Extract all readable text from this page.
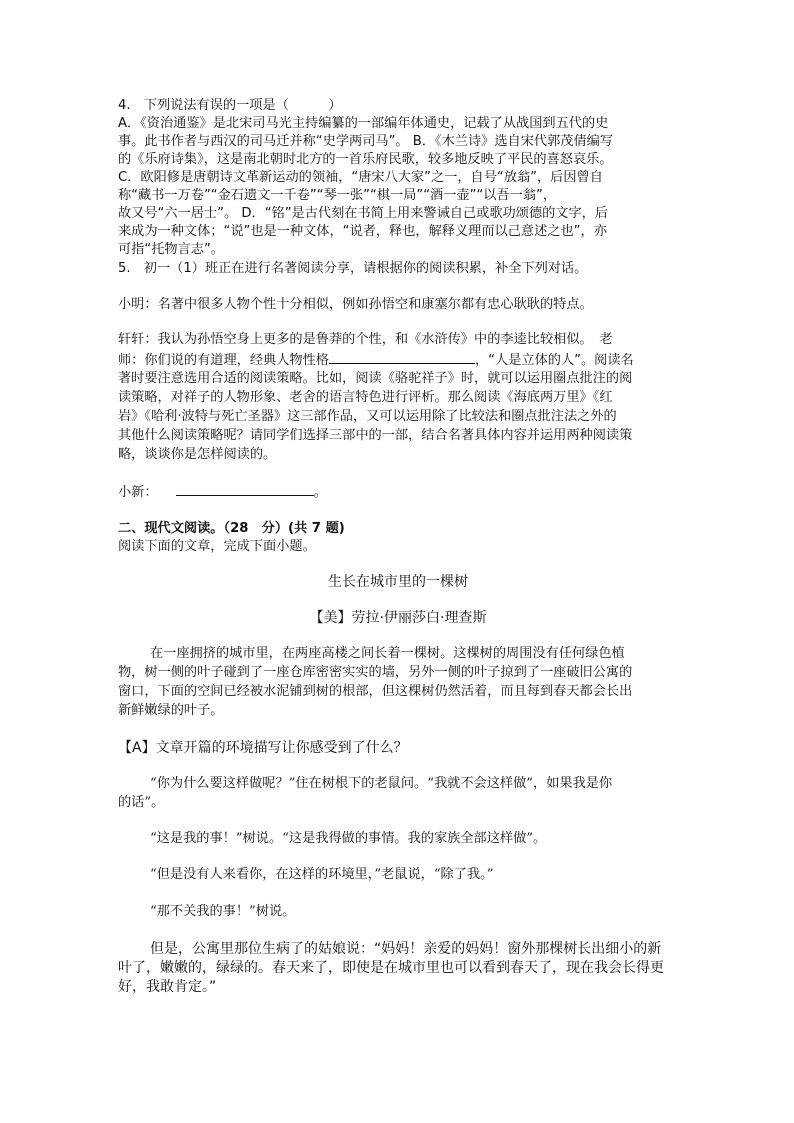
4.　下列说法有误的一项是（　　　）
A．《资治通鉴》是北宋司马光主持编纂的一部编年体通史，记载了从战国到五代的史
事。此书作者与西汉的司马迁并称“史学两司马”。 B．《木兰诗》选自宋代郭茂倩编写
的《乐府诗集》，这是南北朝时北方的一首乐府民歌，较多地反映了平民的喜怒哀乐。
C．欧阳修是唐朝诗文革新运动的领袖，“唐宋八大家”之一，自号“放翁”，后因曾自
称“藏书一万卷”“金石遗文一千卷”“琴一张”“棋一局”“酒一壶”“以吾一翁”，
故又号“六一居士”。 D．“铭”是古代刻在书简上用来警诫自己或歌功颂德的文字，后
来成为一种文体；“说”也是一种文体，“说者，释也，解释义理而以己意述之也”，亦
可指“托物言志”。
5.　初一（1）班正在进行名著阅读分享，请根据你的阅读积累，补全下列对话。
小明：名著中很多人物个性十分相似，例如孙悟空和康塞尔都有忠心耿耿的特点。
轩轩：我认为孙悟空身上更多的是鲁莽的个性，和《水浒传》中的李逵比较相似。　老
师：你们说的有道理，经典人物性格	，“人是立体的人”。阅读名
著时要注意选用合适的阅读策略。比如，阅读《骆驼祥子》时，就可以运用圈点批注的阅
读策略，对祥子的人物形象、老舍的语言特色进行评析。那么阅读《海底两万里》《红
岩》《哈利·波特与死亡圣器》这三部作品，又可以运用除了比较法和圈点批注法之外的
其他什么阅读策略呢？请同学们选择三部中的一部，结合名著具体内容并运用两种阅读策
略，谈谈你是怎样阅读的。
小新：	。
二、现代文阅读。（28　分）(共 7 题)
阅读下面的文章，完成下面小题。
生长在城市里的一棵树
【美】劳拉·伊丽莎白·理查斯
在一座拥挤的城市里，在两座高楼之间长着一棵树。这棵树的周围没有任何绿色植
物，树一侧的叶子碰到了一座仓库密密实实的墙，另外一侧的叶子掠到了一座破旧公寓的
窗口，下面的空间已经被水泥铺到树的根部，但这棵树仍然活着，而且每到春天都会长出
新鲜嫩绿的叶子。
【A】文章开篇的环境描写让你感受到了什么？
“你为什么要这样做呢？”住在树根下的老鼠问。“我就不会这样做”，如果我是你
的话”。
“这是我的事！”树说。“这是我得做的事情。我的家族全部这样做”。
“但是没有人来看你，在这样的环境里，”老鼠说，“除了我。”
“那不关我的事！”树说。
但是，公寓里那位生病了的姑娘说：“妈妈！亲爱的妈妈！窗外那棵树长出细小的新
叶了，嫩嫩的，绿绿的。春天来了，即使是在城市里也可以看到春天了，现在我会长得更
好，我敢肯定。”
